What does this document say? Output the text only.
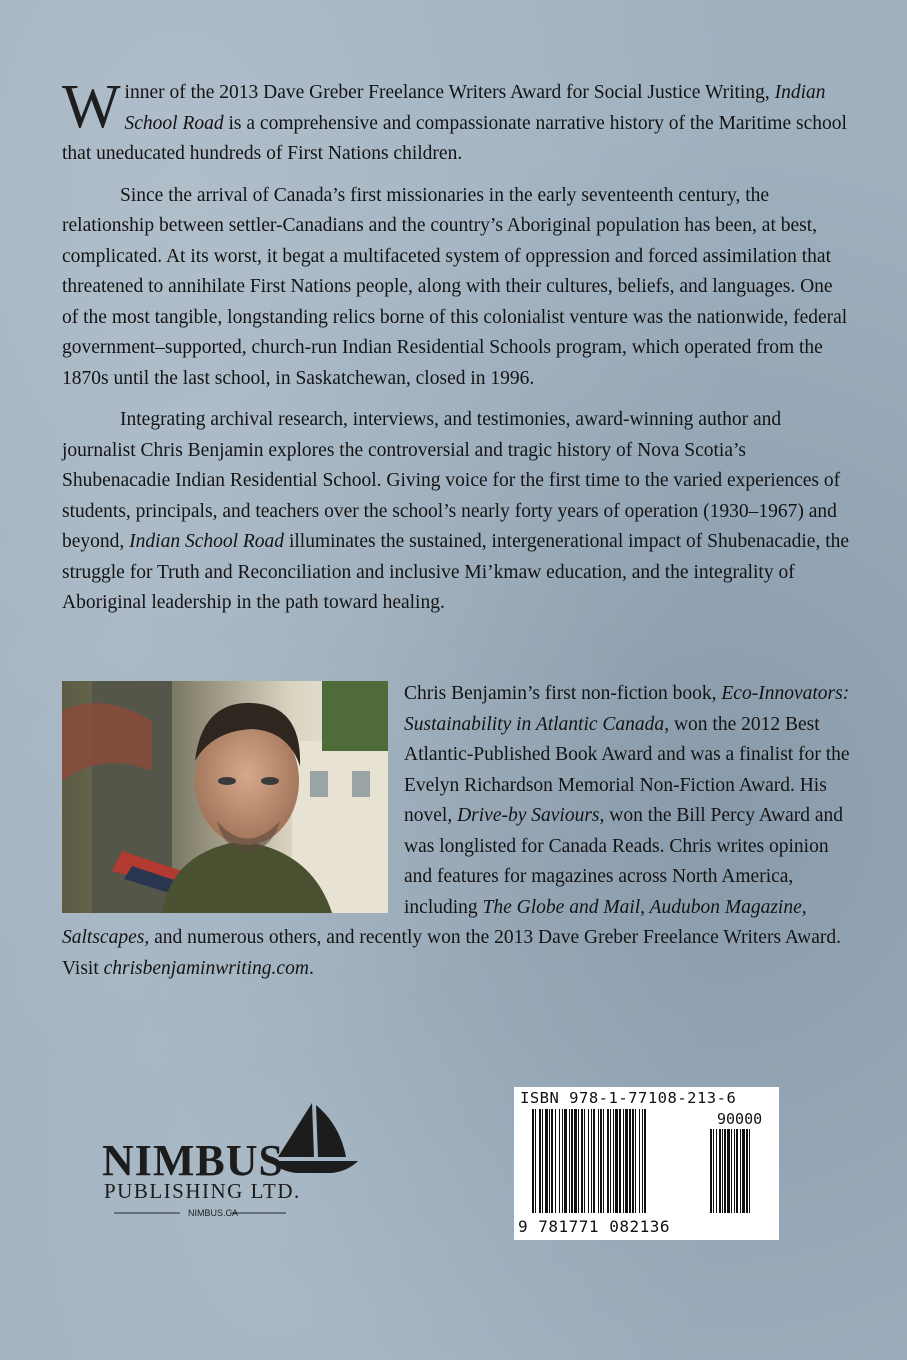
Winner of the 2013 Dave Greber Freelance Writers Award for Social Justice Writing, Indian School Road is a comprehensive and compassionate narrative history of the Maritime school that uneducated hundreds of First Nations children.

Since the arrival of Canada’s first missionaries in the early seventeenth century, the relationship between settler-Canadians and the country’s Aboriginal population has been, at best, complicated. At its worst, it begat a multifaceted system of oppression and forced assimilation that threatened to annihilate First Nations people, along with their cultures, beliefs, and languages. One of the most tangible, longstanding relics borne of this colonialist venture was the nationwide, federal government–supported, church-run Indian Residential Schools program, which operated from the 1870s until the last school, in Saskatchewan, closed in 1996.

Integrating archival research, interviews, and testimonies, award-winning author and journalist Chris Benjamin explores the controversial and tragic history of Nova Scotia’s Shubenacadie Indian Residential School. Giving voice for the first time to the varied experiences of students, principals, and teachers over the school’s nearly forty years of operation (1930–1967) and beyond, Indian School Road illuminates the sustained, intergenerational impact of Shubenacadie, the struggle for Truth and Reconciliation and inclusive Mi’kmaw education, and the integrality of Aboriginal leadership in the path toward healing.

Chris Benjamin’s first non-fiction book, Eco-Innovators: Sustainability in Atlantic Canada, won the 2012 Best Atlantic-Published Book Award and was a finalist for the Evelyn Richardson Memorial Non-Fiction Award. His novel, Drive-by Saviours, won the Bill Percy Award and was longlisted for Canada Reads. Chris writes opinion and features for magazines across North America, including The Globe and Mail, Audubon Magazine, Saltscapes, and numerous others, and recently won the 2013 Dave Greber Freelance Writers Award.
Visit chrisbenjaminwriting.com.

NIMBUS
PUBLISHING LTD.
NIMBUS.CA
ISBN 978-1-77108-213-6
90000
9 781771 082136
